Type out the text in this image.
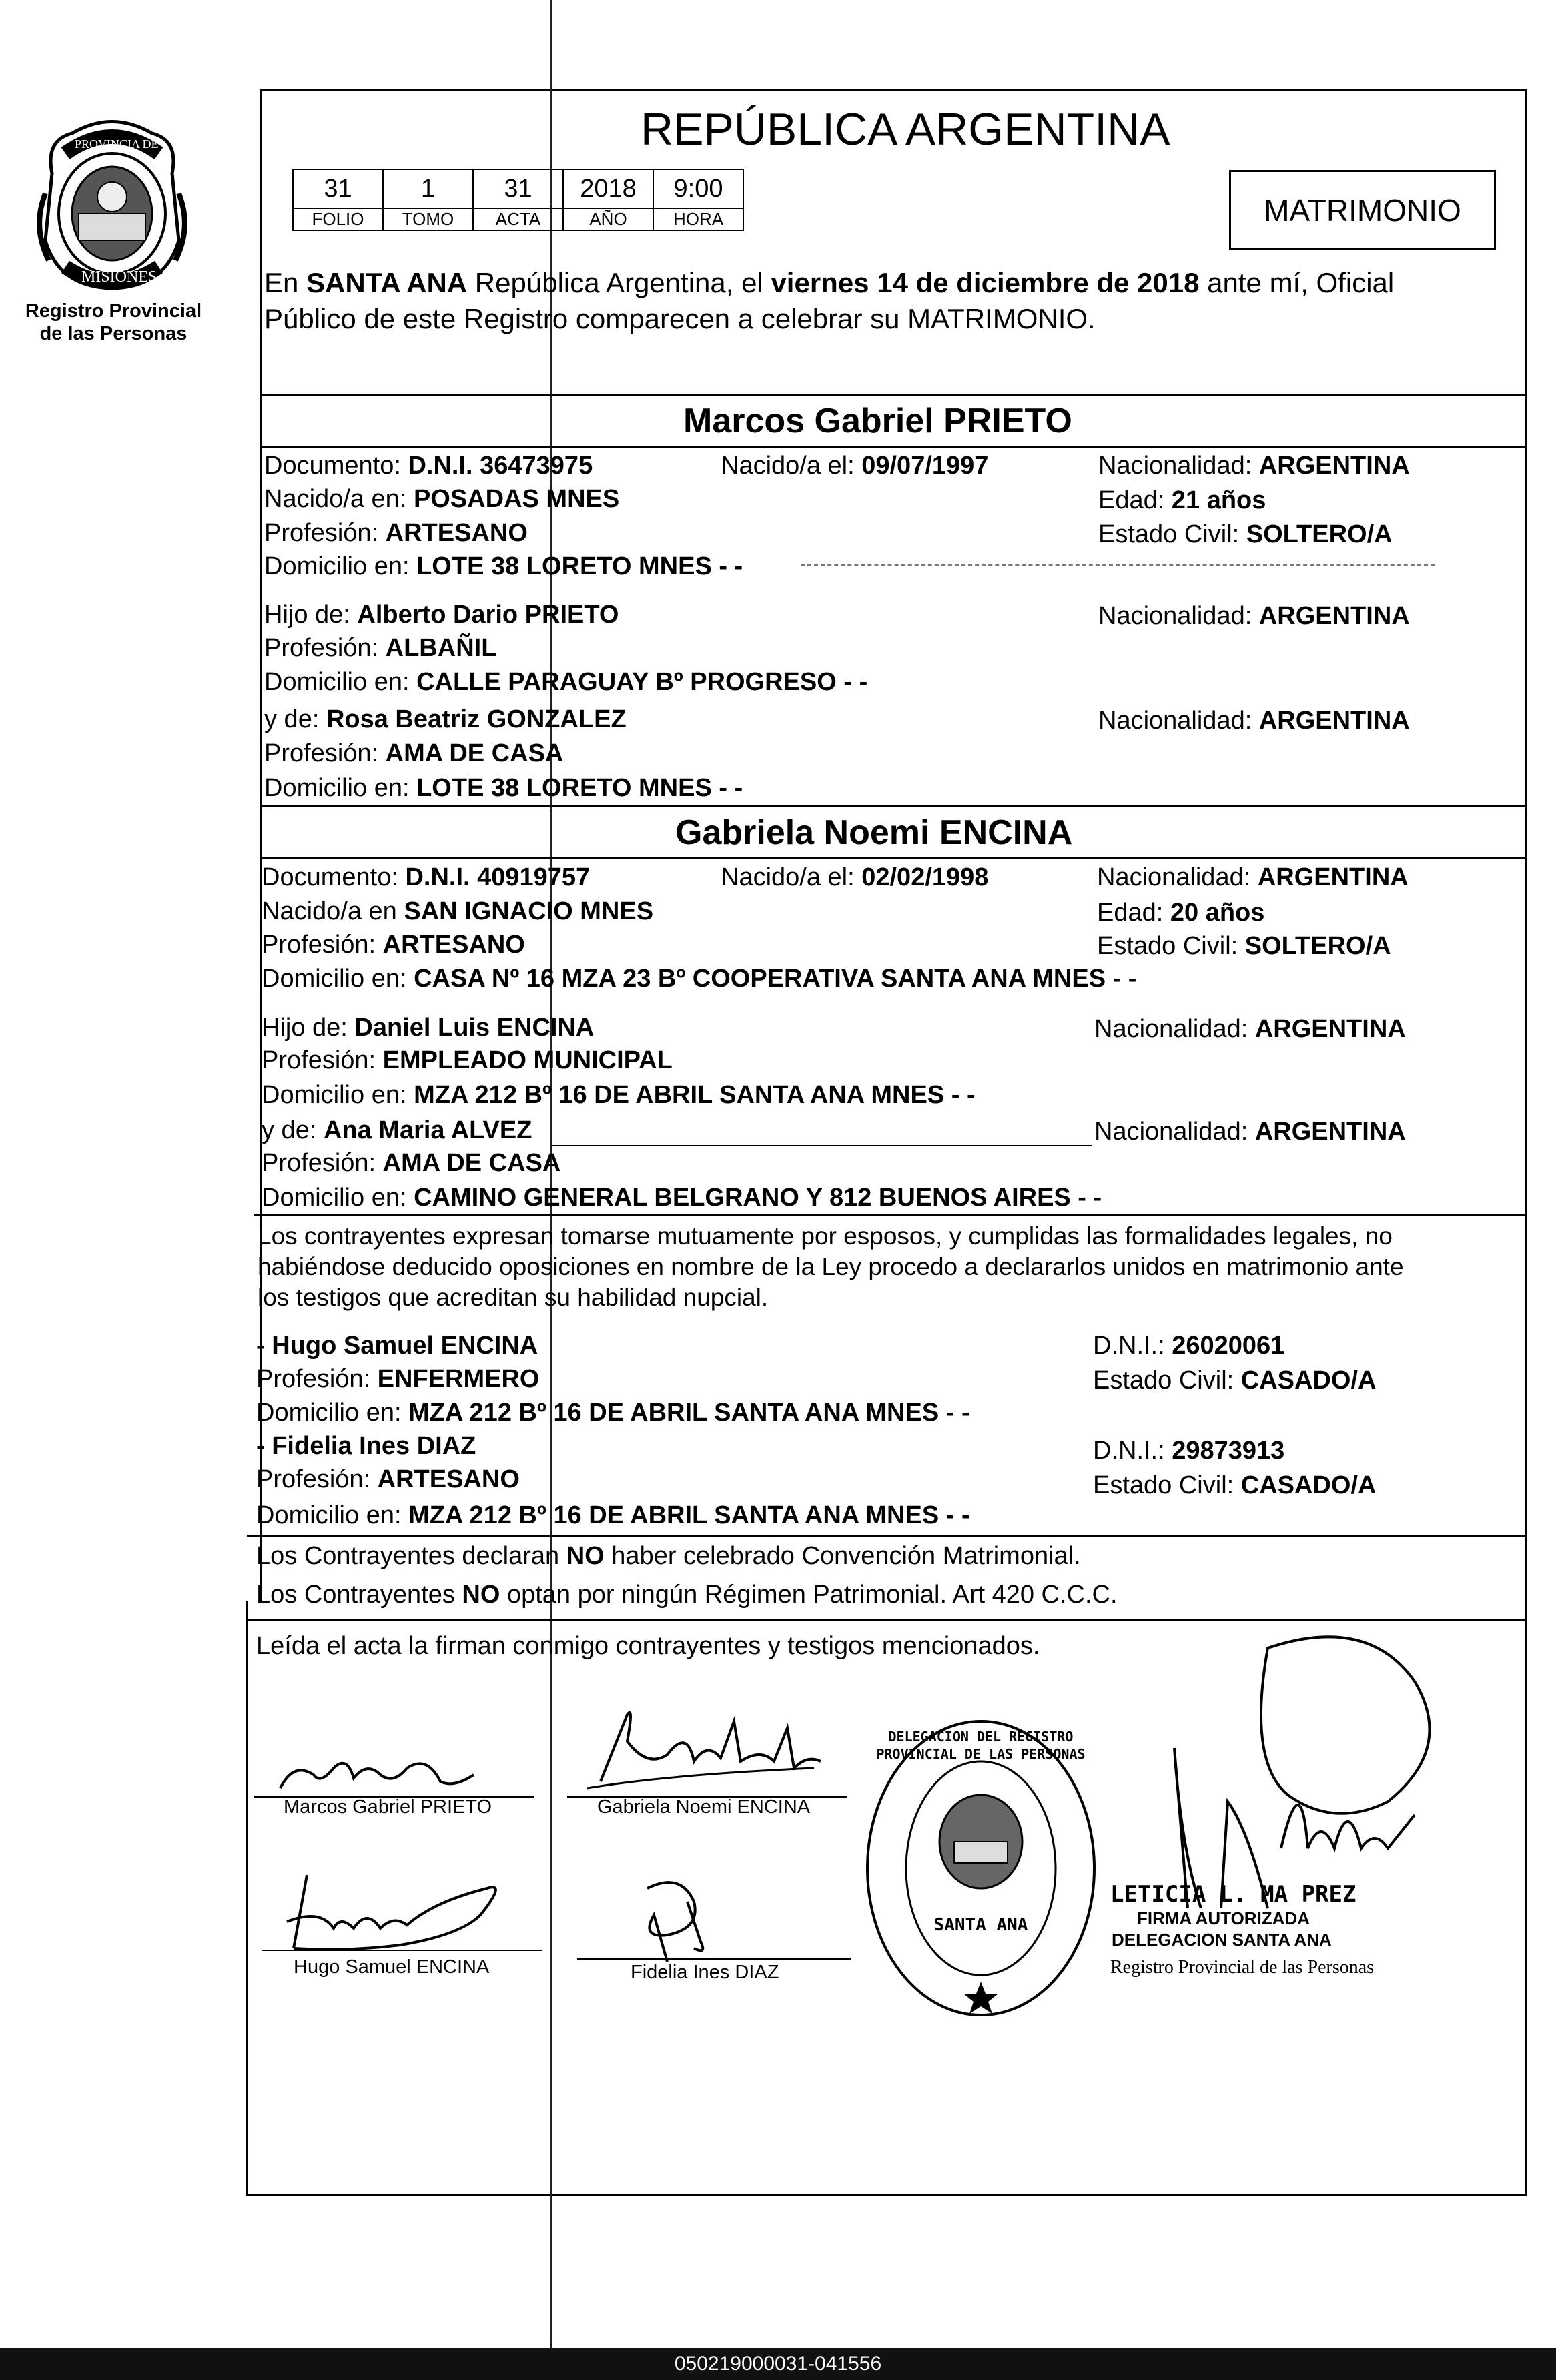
PROVINCIA DE
MISIONES
Registro Provincial
de las Personas
REPÚBLICA ARGENTINA
31	1	31	2018	9:00
FOLIO	TOMO	ACTA	AÑO	HORA	MATRIMONIO
En SANTA ANA República Argentina, el viernes 14 de diciembre de 2018 ante mí, Oficial
Público de este Registro comparecen a celebrar su MATRIMONIO.
Marcos Gabriel PRIETO
Documento: D.N.I. 36473975	Nacido/a el: 09/07/1997	Nacionalidad: ARGENTINA
Nacido/a en: POSADAS MNES	Edad: 21 años
Profesión: ARTESANO	Estado Civil: SOLTERO/A
Domicilio en: LOTE 38 LORETO MNES - -
Hijo de: Alberto Dario PRIETO	Nacionalidad: ARGENTINA
Profesión: ALBAÑIL
Domicilio en: CALLE PARAGUAY Bº PROGRESO - -
y de: Rosa Beatriz GONZALEZ	Nacionalidad: ARGENTINA
Profesión: AMA DE CASA
Domicilio en: LOTE 38 LORETO MNES - -
Gabriela Noemi ENCINA
Documento: D.N.I. 40919757	Nacido/a el: 02/02/1998	Nacionalidad: ARGENTINA
Nacido/a en SAN IGNACIO MNES	Edad: 20 años
Profesión: ARTESANO	Estado Civil: SOLTERO/A
Domicilio en: CASA Nº 16 MZA 23 Bº COOPERATIVA SANTA ANA MNES - -
Hijo de: Daniel Luis ENCINA	Nacionalidad: ARGENTINA
Profesión: EMPLEADO MUNICIPAL
Domicilio en: MZA 212 Bº 16 DE ABRIL SANTA ANA MNES - -
y de: Ana Maria ALVEZ	Nacionalidad: ARGENTINA
Profesión: AMA DE CASA
Domicilio en: CAMINO GENERAL BELGRANO Y 812 BUENOS AIRES - -
Los contrayentes expresan tomarse mutuamente por esposos, y cumplidas las formalidades legales, no
habiéndose deducido oposiciones en nombre de la Ley procedo a declararlos unidos en matrimonio ante
los testigos que acreditan su habilidad nupcial.
- Hugo Samuel ENCINA	D.N.I.: 26020061
Profesión: ENFERMERO	Estado Civil: CASADO/A
Domicilio en: MZA 212 Bº 16 DE ABRIL SANTA ANA MNES - -
- Fidelia Ines DIAZ	D.N.I.: 29873913
Profesión: ARTESANO	Estado Civil: CASADO/A
Domicilio en: MZA 212 Bº 16 DE ABRIL SANTA ANA MNES - -
Los Contrayentes declaran NO haber celebrado Convención Matrimonial.
Los Contrayentes NO optan por ningún Régimen Patrimonial. Art 420 C.C.C.
Leída el acta la firman conmigo contrayentes y testigos mencionados.
Marcos Gabriel PRIETO	Gabriela Noemi ENCINA
Hugo Samuel ENCINA	Fidelia Ines DIAZ
DELEGACION DEL REGISTRO PROVINCIAL DE LAS PERSONAS
SANTA ANA
LETICIA L. MA PREZ
FIRMA AUTORIZADA
DELEGACION SANTA ANA
Registro Provincial de las Personas
050219000031-041556
